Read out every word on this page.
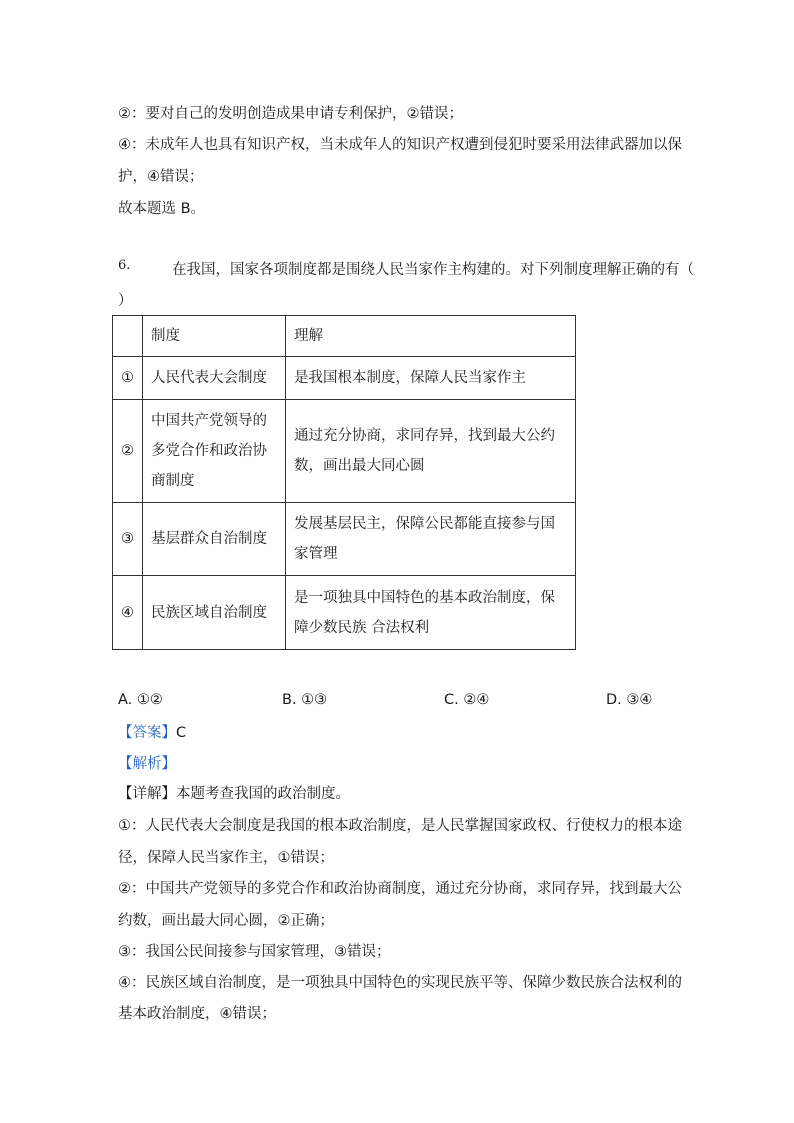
②：要对自己的发明创造成果申请专利保护，②错误；
④：未成年人也具有知识产权，当未成年人的知识产权遭到侵犯时要采用法律武器加以保
护，④错误；
故本题选 B。
6.	在我国，国家各项制度都是围绕人民当家作主构建的。对下列制度理解正确的有（
）
	制度	理解
①	人民代表大会制度	是我国根本制度，保障人民当家作主
②	中国共产党领导的多党合作和政治协商制度	通过充分协商，求同存异，找到最大公约数，画出最大同心圆
③	基层群众自治制度	发展基层民主，保障公民都能直接参与国家管理
④	民族区域自治制度	是一项独具中国特色的基本政治制度，保障少数民族 合法权利
A. ①②	B. ①③	C. ②④	D. ③④
【答案】C
【解析】
【详解】本题考查我国的政治制度。
①：人民代表大会制度是我国的根本政治制度，是人民掌握国家政权、行使权力的根本途
径，保障人民当家作主，①错误；
②：中国共产党领导的多党合作和政治协商制度，通过充分协商，求同存异，找到最大公
约数，画出最大同心圆，②正确；
③：我国公民间接参与国家管理，③错误；
④：民族区域自治制度，是一项独具中国特色的实现民族平等、保障少数民族合法权利的
基本政治制度，④错误；
